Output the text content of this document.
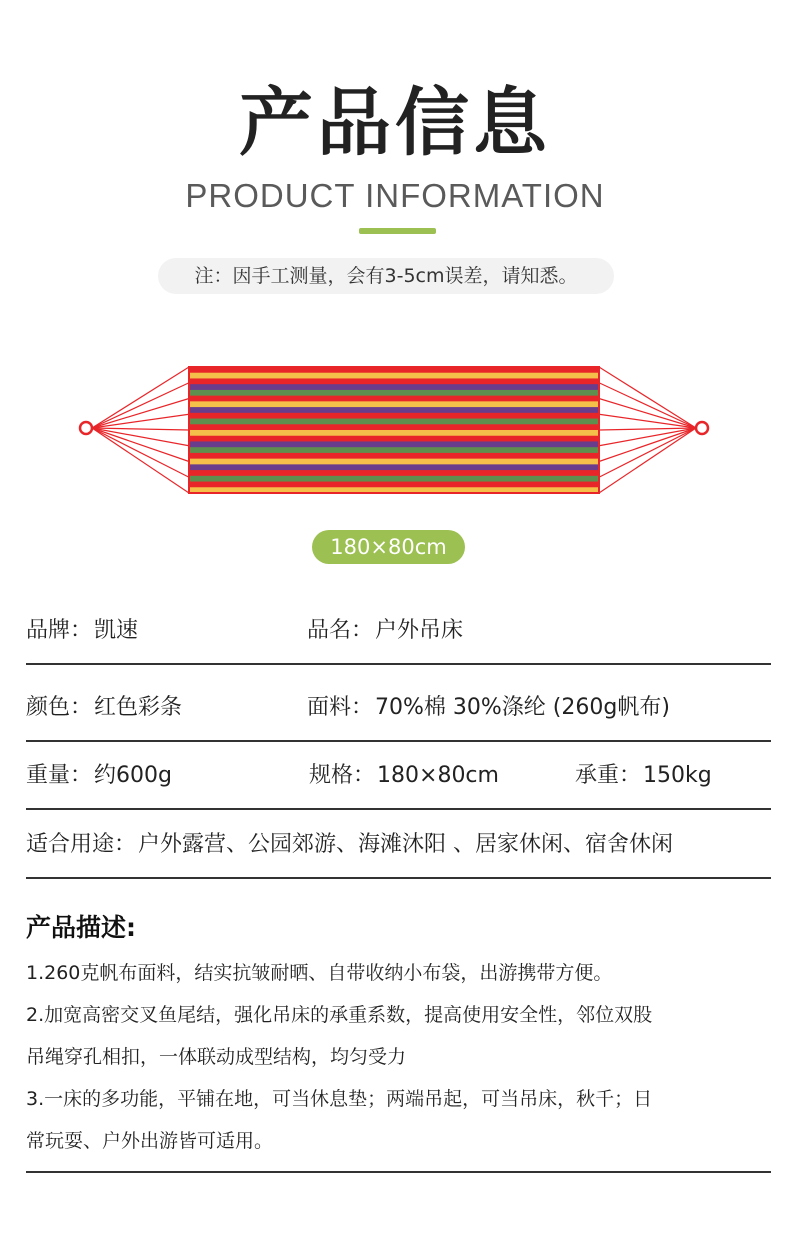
产品信息
PRODUCT INFORMATION
注：因手工测量，会有3-5cm误差，请知悉。
180×80cm
品牌：凯速	品名：户外吊床
颜色：红色彩条	面料：70%棉 30%涤纶 (260g帆布)
重量：约600g	规格：180×80cm	承重：150kg
适合用途：户外露营、公园郊游、海滩沐阳 、居家休闲、宿舍休闲
产品描述:
1.260克帆布面料，结实抗皱耐晒、自带收纳小布袋，出游携带方便。
2.加宽高密交叉鱼尾结，强化吊床的承重系数，提高使用安全性，邻位双股
吊绳穿孔相扣，一体联动成型结构，均匀受力
3.一床的多功能，平铺在地，可当休息垫；两端吊起，可当吊床，秋千；日
常玩耍、户外出游皆可适用。
